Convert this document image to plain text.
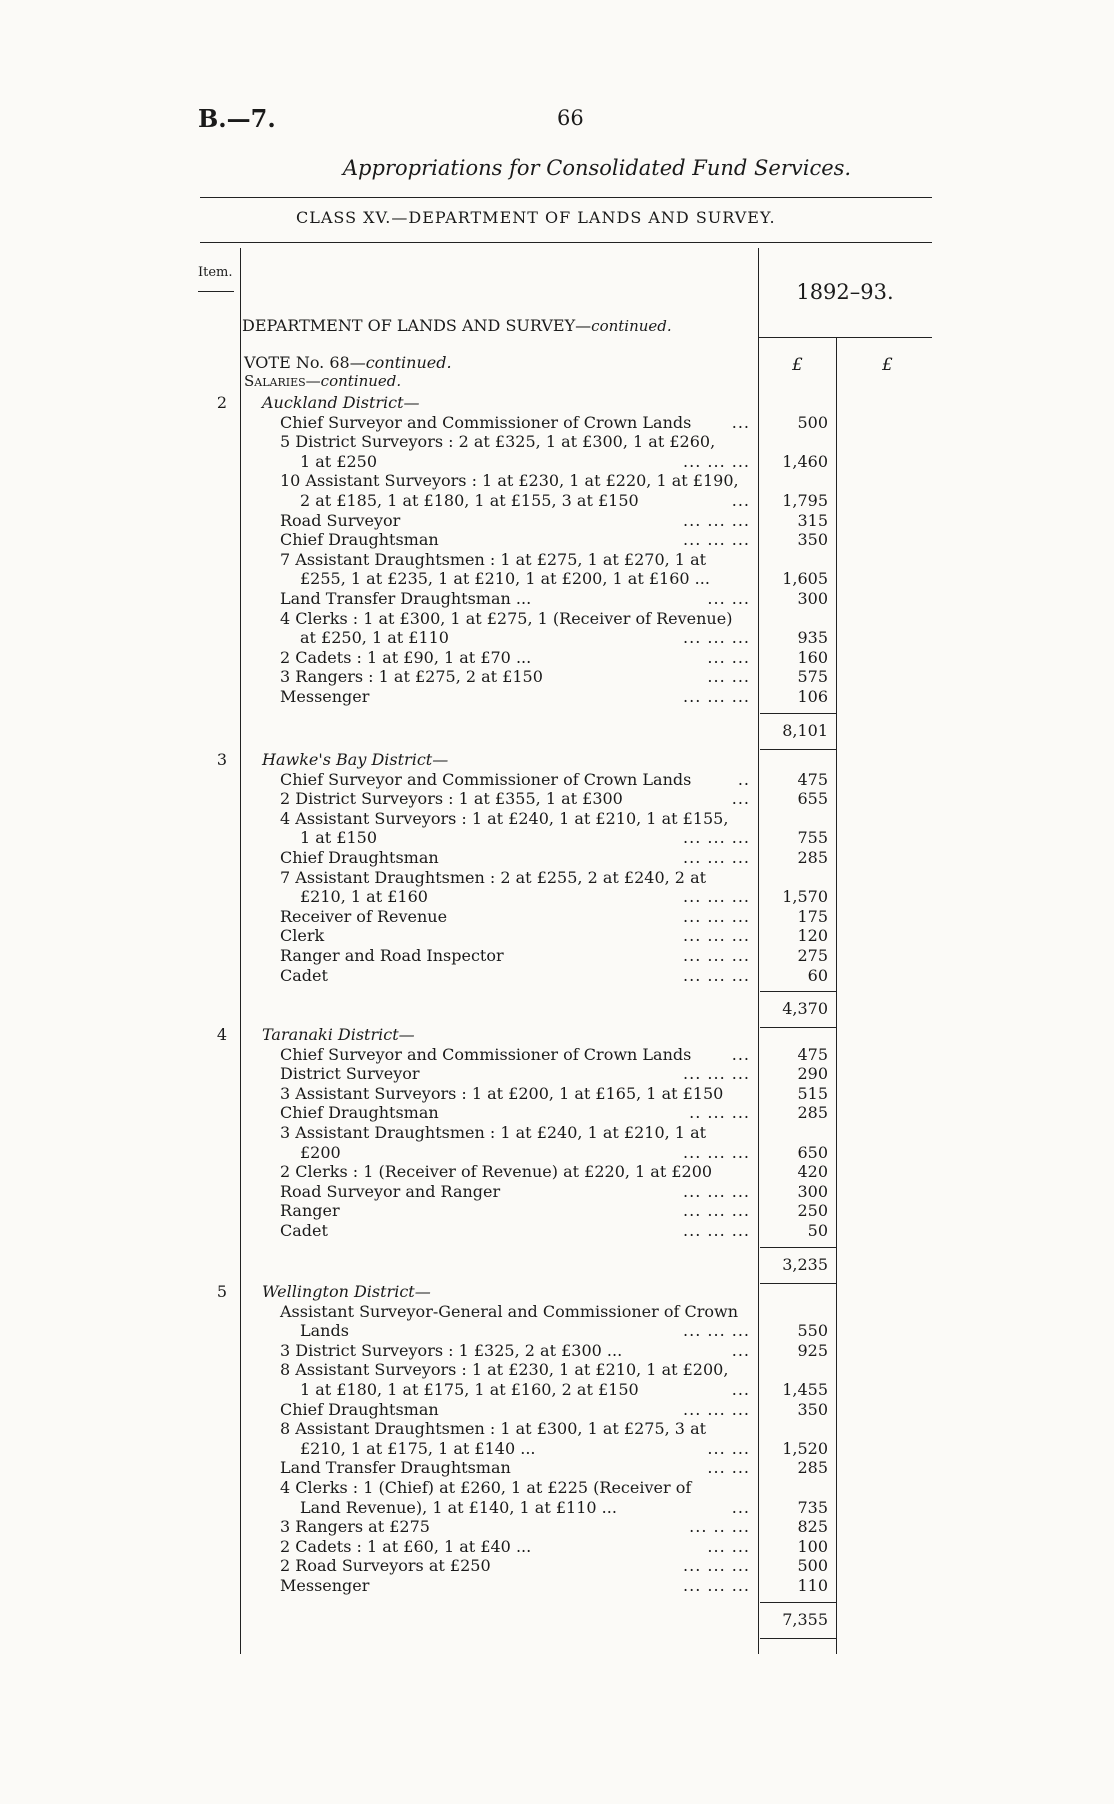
B.—7.	66
Appropriations for Consolidated Fund Services.
CLASS XV.—DEPARTMENT OF LANDS AND SURVEY.
Item.
1892–93.
DEPARTMENT OF LANDS AND SURVEY—continued.
VOTE No. 68—continued.
Salaries—continued.
£	£
2	Auckland District—
Chief Surveyor and Commissioner of Crown Lands	...	500
5 District Surveyors : 2 at £325, 1 at £300, 1 at £260,
1 at £250	... ... ...	1,460
10 Assistant Surveyors : 1 at £230, 1 at £220, 1 at £190,
2 at £185, 1 at £180, 1 at £155, 3 at £150	...	1,795
Road Surveyor	... ... ...	315
Chief Draughtsman	... ... ...	350
7 Assistant Draughtsmen : 1 at £275, 1 at £270, 1 at
£255, 1 at £235, 1 at £210, 1 at £200, 1 at £160 ...	1,605
Land Transfer Draughtsman ...	... ...	300
4 Clerks : 1 at £300, 1 at £275, 1 (Receiver of Revenue)
at £250, 1 at £110	... ... ...	935
2 Cadets : 1 at £90, 1 at £70 ...	... ...	160
3 Rangers : 1 at £275, 2 at £150	... ...	575
Messenger	... ... ...	106
8,101
3	Hawke's Bay District—
Chief Surveyor and Commissioner of Crown Lands	..	475
2 District Surveyors : 1 at £355, 1 at £300	...	655
4 Assistant Surveyors : 1 at £240, 1 at £210, 1 at £155,
1 at £150	... ... ...	755
Chief Draughtsman	... ... ...	285
7 Assistant Draughtsmen : 2 at £255, 2 at £240, 2 at
£210, 1 at £160	... ... ...	1,570
Receiver of Revenue	... ... ...	175
Clerk	... ... ...	120
Ranger and Road Inspector	... ... ...	275
Cadet	... ... ...	60
4,370
4	Taranaki District—
Chief Surveyor and Commissioner of Crown Lands	...	475
District Surveyor	... ... ...	290
3 Assistant Surveyors : 1 at £200, 1 at £165, 1 at £150	515
Chief Draughtsman	.. ... ...	285
3 Assistant Draughtsmen : 1 at £240, 1 at £210, 1 at
£200	... ... ...	650
2 Clerks : 1 (Receiver of Revenue) at £220, 1 at £200	420
Road Surveyor and Ranger	... ... ...	300
Ranger	... ... ...	250
Cadet	... ... ...	50
3,235
5	Wellington District—
Assistant Surveyor-General and Commissioner of Crown
Lands	... ... ...	550
3 District Surveyors : 1 £325, 2 at £300 ...	...	925
8 Assistant Surveyors : 1 at £230, 1 at £210, 1 at £200,
1 at £180, 1 at £175, 1 at £160, 2 at £150	...	1,455
Chief Draughtsman	... ... ...	350
8 Assistant Draughtsmen : 1 at £300, 1 at £275, 3 at
£210, 1 at £175, 1 at £140 ...	... ...	1,520
Land Transfer Draughtsman	... ...	285
4 Clerks : 1 (Chief) at £260, 1 at £225 (Receiver of
Land Revenue), 1 at £140, 1 at £110 ...	...	735
3 Rangers at £275	... .. ...	825
2 Cadets : 1 at £60, 1 at £40 ...	... ...	100
2 Road Surveyors at £250	... ... ...	500
Messenger	... ... ...	110
7,355
